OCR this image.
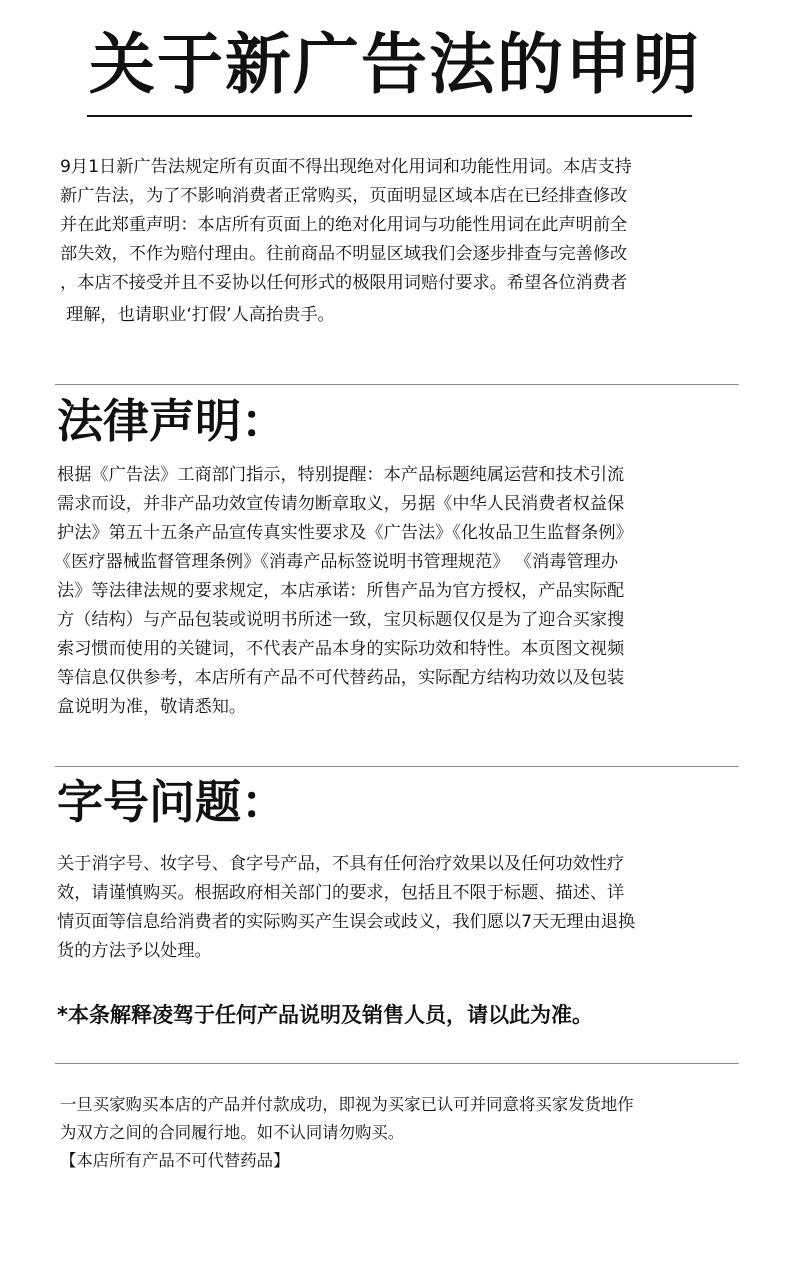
关于新广告法的申明
9月1日新广告法规定所有页面不得出现绝对化用词和功能性用词。本店支持
新广告法，为了不影响消费者正常购买，页面明显区域本店在已经排查修改
并在此郑重声明：本店所有页面上的绝对化用词与功能性用词在此声明前全
部失效，不作为赔付理由。往前商品不明显区域我们会逐步排查与完善修改
，本店不接受并且不妥协以任何形式的极限用词赔付要求。希望各位消费者
理解，也请职业‘打假’人高抬贵手。
法律声明：
根据《广告法》工商部门指示，特别提醒：本产品标题纯属运营和技术引流
需求而设，并非产品功效宣传请勿断章取义，另据《中华人民消费者权益保
护法》第五十五条产品宣传真实性要求及《广告法》《化妆品卫生监督条例》
《医疗器械监督管理条例》《消毒产品标签说明书管理规范》 《消毒管理办
法》等法律法规的要求规定，本店承诺：所售产品为官方授权，产品实际配
方（结构）与产品包装或说明书所述一致，宝贝标题仅仅是为了迎合买家搜
索习惯而使用的关键词，不代表产品本身的实际功效和特性。本页图文视频
等信息仅供参考，本店所有产品不可代替药品，实际配方结构功效以及包装
盒说明为准，敬请悉知。
字号问题：
关于消字号、妆字号、食字号产品，不具有任何治疗效果以及任何功效性疗
效，请谨慎购买。根据政府相关部门的要求，包括且不限于标题、描述、详
情页面等信息给消费者的实际购买产生误会或歧义，我们愿以7天无理由退换
货的方法予以处理。
*本条解释凌驾于任何产品说明及销售人员，请以此为准。
一旦买家购买本店的产品并付款成功，即视为买家已认可并同意将买家发货地作
为双方之间的合同履行地。如不认同请勿购买。
【本店所有产品不可代替药品】
